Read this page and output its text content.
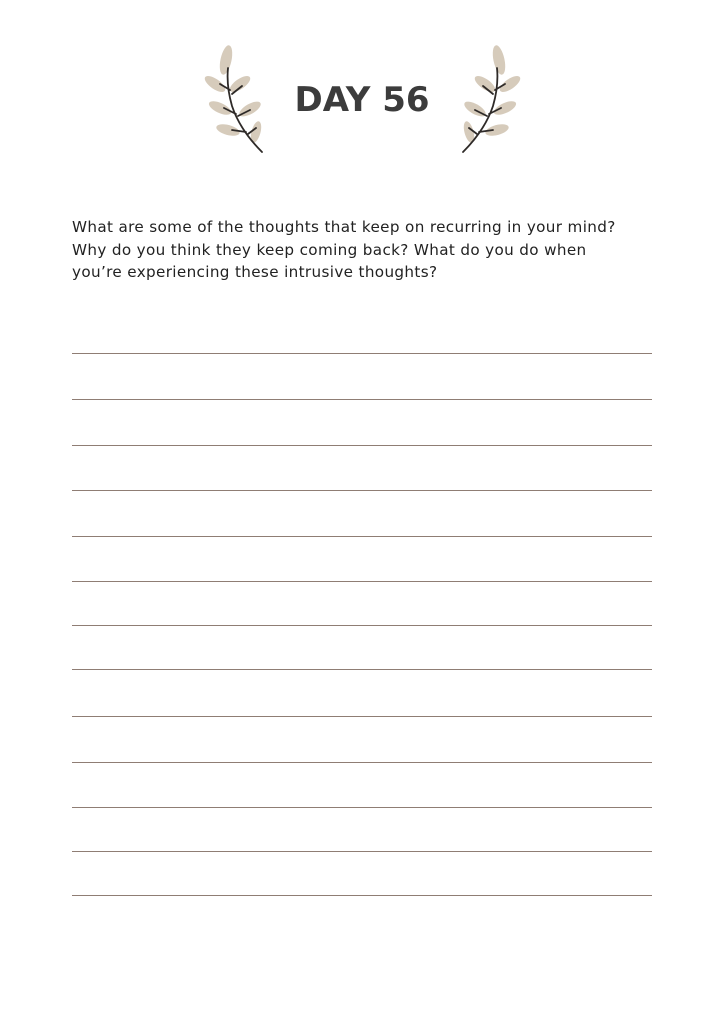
DAY 56

What are some of the thoughts that keep on recurring in your mind?
Why do you think they keep coming back? What do you do when
you’re experiencing these intrusive thoughts?
